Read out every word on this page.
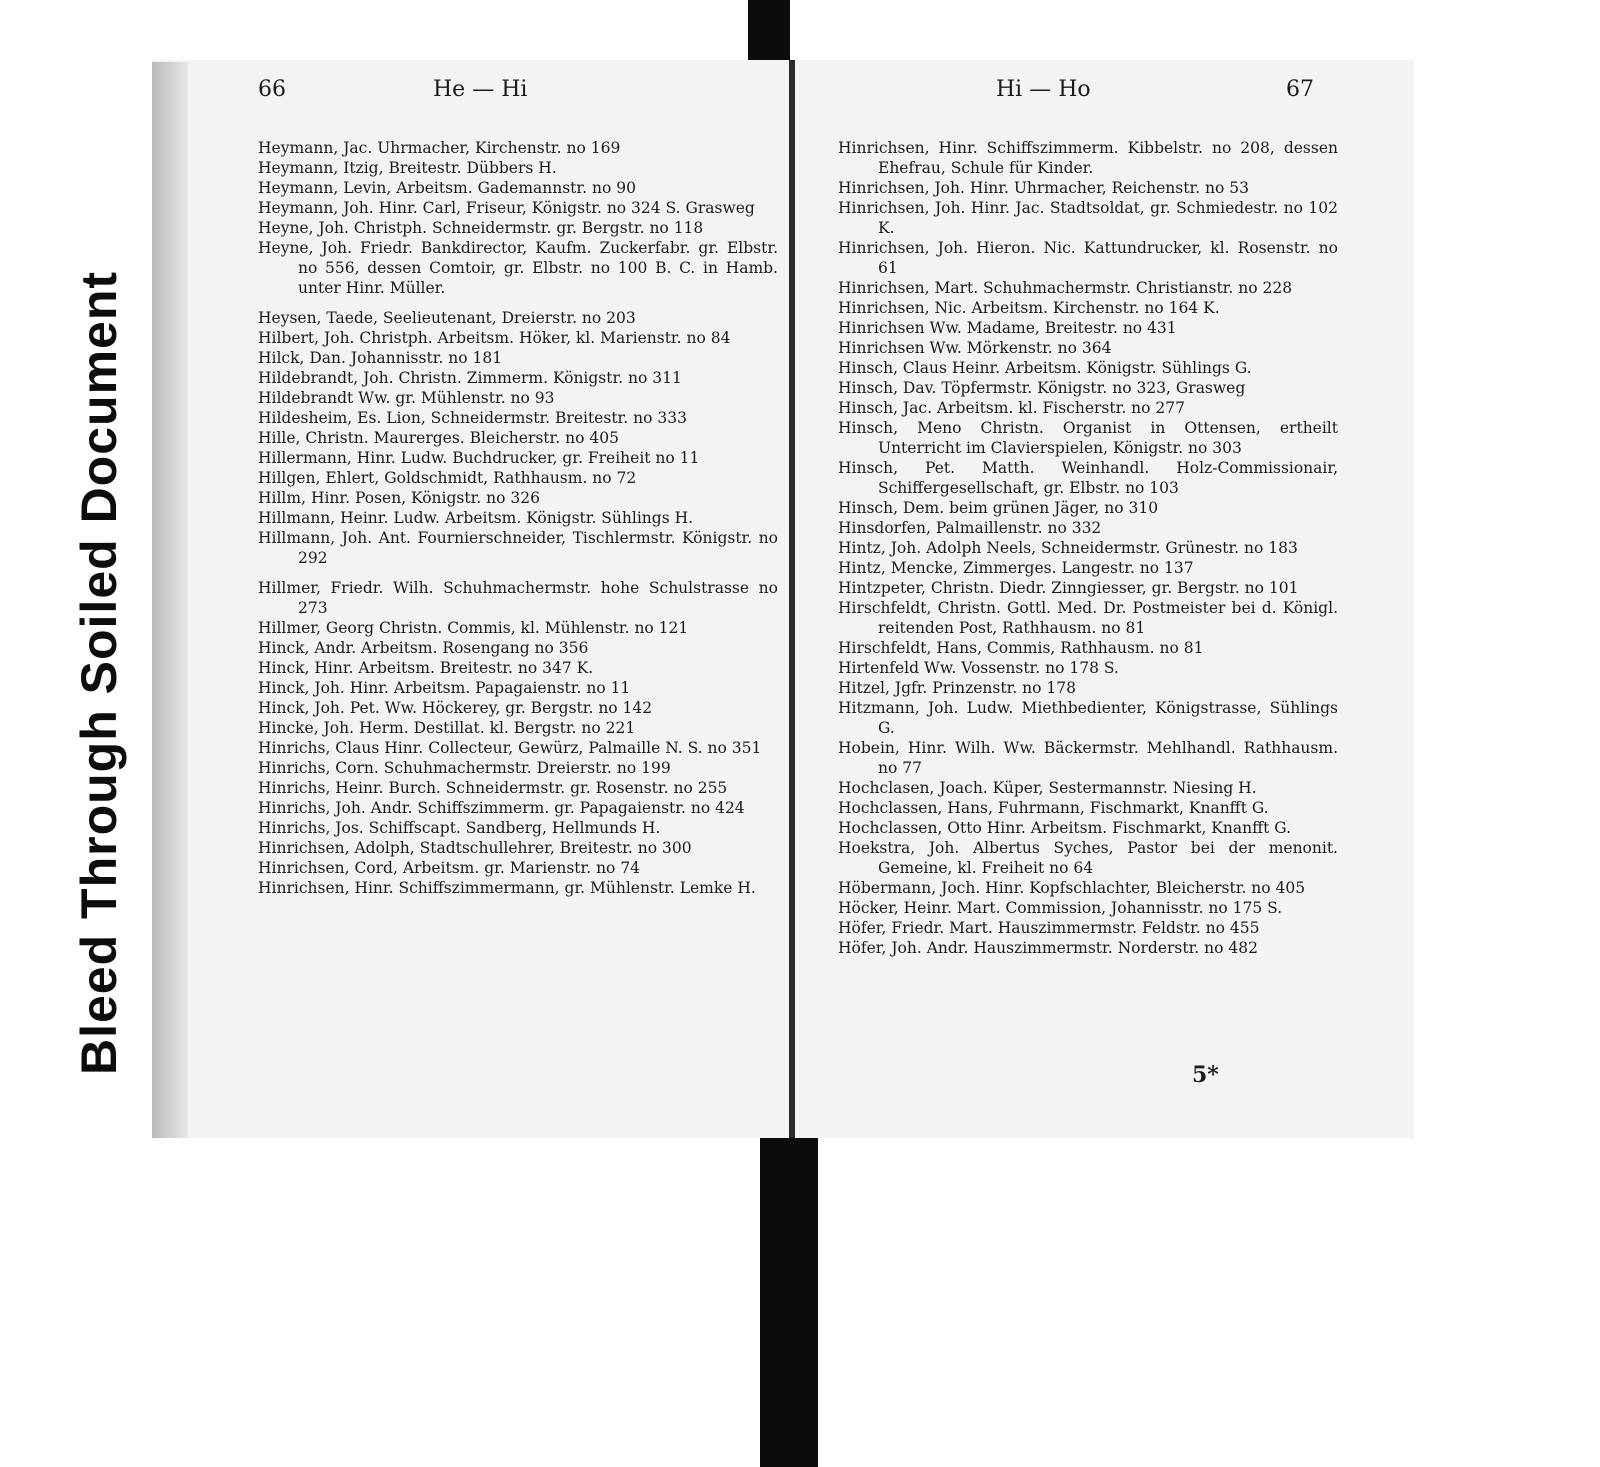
Bleed Through Soiled Document
66	He — Hi

Heymann, Jac. Uhrmacher, Kirchenstr. no 169

Heymann, Itzig, Breitestr. Dübbers H.

Heymann, Levin, Arbeitsm. Gademannstr. no 90

Heymann, Joh. Hinr. Carl, Friseur, Königstr. no 324 S. Grasweg

Heyne, Joh. Christph. Schneidermstr. gr. Bergstr. no 118

Heyne, Joh. Friedr. Bankdirector, Kaufm. Zuckerfabr. gr. Elbstr. no 556, dessen Comtoir, gr. Elbstr. no 100 B. C. in Hamb. unter Hinr. Müller.

Heysen, Taede, Seelieutenant, Dreierstr. no 203

Hilbert, Joh. Christph. Arbeitsm. Höker, kl. Marienstr. no 84

Hilck, Dan. Johannisstr. no 181

Hildebrandt, Joh. Christn. Zimmerm. Königstr. no 311

Hildebrandt Ww. gr. Mühlenstr. no 93

Hildesheim, Es. Lion, Schneidermstr. Breitestr. no 333

Hille, Christn. Maurerges. Bleicherstr. no 405

Hillermann, Hinr. Ludw. Buchdrucker, gr. Freiheit no 11

Hillgen, Ehlert, Goldschmidt, Rathhausm. no 72

Hillm, Hinr. Posen, Königstr. no 326

Hillmann, Heinr. Ludw. Arbeitsm. Königstr. Sühlings H.

Hillmann, Joh. Ant. Fournierschneider, Tischlermstr. Königstr. no 292

Hillmer, Friedr. Wilh. Schuhmachermstr. hohe Schulstrasse no 273

Hillmer, Georg Christn. Commis, kl. Mühlenstr. no 121

Hinck, Andr. Arbeitsm. Rosengang no 356

Hinck, Hinr. Arbeitsm. Breitestr. no 347 K.

Hinck, Joh. Hinr. Arbeitsm. Papagaienstr. no 11

Hinck, Joh. Pet. Ww. Höckerey, gr. Bergstr. no 142

Hincke, Joh. Herm. Destillat. kl. Bergstr. no 221

Hinrichs, Claus Hinr. Collecteur, Gewürz, Palmaille N. S. no 351

Hinrichs, Corn. Schuhmachermstr. Dreierstr. no 199

Hinrichs, Heinr. Burch. Schneidermstr. gr. Rosenstr. no 255

Hinrichs, Joh. Andr. Schiffszimmerm. gr. Papagaienstr. no 424

Hinrichs, Jos. Schiffscapt. Sandberg, Hellmunds H.

Hinrichsen, Adolph, Stadtschullehrer, Breitestr. no 300

Hinrichsen, Cord, Arbeitsm. gr. Marienstr. no 74

Hinrichsen, Hinr. Schiffszimmermann, gr. Mühlenstr. Lemke H.

Hi — Ho	67

Hinrichsen, Hinr. Schiffszimmerm. Kibbelstr. no 208, dessen Ehefrau, Schule für Kinder.

Hinrichsen, Joh. Hinr. Uhrmacher, Reichenstr. no 53

Hinrichsen, Joh. Hinr. Jac. Stadtsoldat, gr. Schmiedestr. no 102 K.

Hinrichsen, Joh. Hieron. Nic. Kattundrucker, kl. Rosenstr. no 61

Hinrichsen, Mart. Schuhmachermstr. Christianstr. no 228

Hinrichsen, Nic. Arbeitsm. Kirchenstr. no 164 K.

Hinrichsen Ww. Madame, Breitestr. no 431

Hinrichsen Ww. Mörkenstr. no 364

Hinsch, Claus Heinr. Arbeitsm. Königstr. Sühlings G.

Hinsch, Dav. Töpfermstr. Königstr. no 323, Grasweg

Hinsch, Jac. Arbeitsm. kl. Fischerstr. no 277

Hinsch, Meno Christn. Organist in Ottensen, ertheilt Unterricht im Clavierspielen, Königstr. no 303

Hinsch, Pet. Matth. Weinhandl. Holz-Commissionair, Schiffergesellschaft, gr. Elbstr. no 103

Hinsch, Dem. beim grünen Jäger, no 310

Hinsdorfen, Palmaillenstr. no 332

Hintz, Joh. Adolph Neels, Schneidermstr. Grünestr. no 183

Hintz, Mencke, Zimmerges. Langestr. no 137

Hintzpeter, Christn. Diedr. Zinngiesser, gr. Bergstr. no 101

Hirschfeldt, Christn. Gottl. Med. Dr. Postmeister bei d. Königl. reitenden Post, Rathhausm. no 81

Hirschfeldt, Hans, Commis, Rathhausm. no 81

Hirtenfeld Ww. Vossenstr. no 178 S.

Hitzel, Jgfr. Prinzenstr. no 178

Hitzmann, Joh. Ludw. Miethbedienter, Königstrasse, Sühlings G.

Hobein, Hinr. Wilh. Ww. Bäckermstr. Mehlhandl. Rathhausm. no 77

Hochclasen, Joach. Küper, Sestermannstr. Niesing H.

Hochclassen, Hans, Fuhrmann, Fischmarkt, Knanfft G.

Hochclassen, Otto Hinr. Arbeitsm. Fischmarkt, Knanfft G.

Hoekstra, Joh. Albertus Syches, Pastor bei der menonit. Gemeine, kl. Freiheit no 64

Höbermann, Joch. Hinr. Kopfschlachter, Bleicherstr. no 405

Höcker, Heinr. Mart. Commission, Johannisstr. no 175 S.

Höfer, Friedr. Mart. Hauszimmermstr. Feldstr. no 455

Höfer, Joh. Andr. Hauszimmermstr. Norderstr. no 482

5*
